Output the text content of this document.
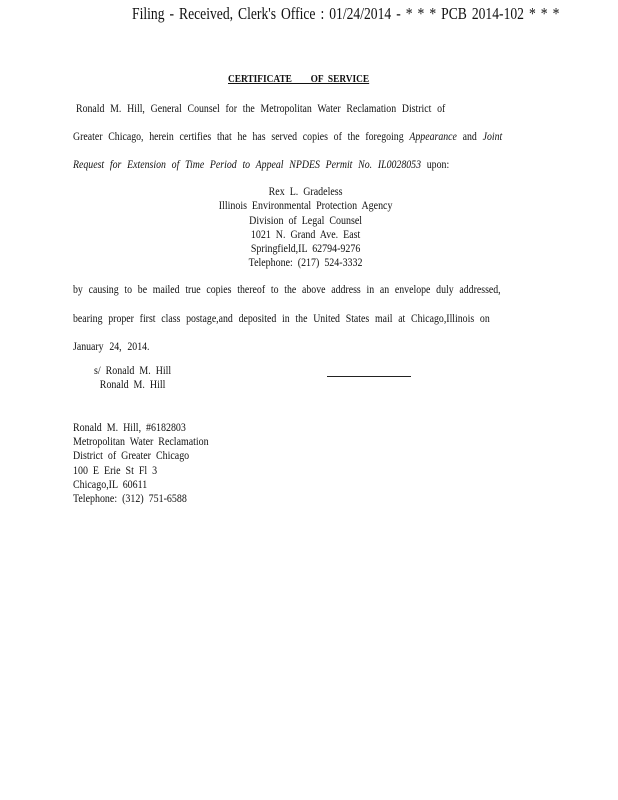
Filing - Received, Clerk's Office : 01/24/2014 - * * * PCB 2014-102 * * *
CERTIFICATE        OF  SERVICE
Ronald M. Hill, General Counsel for the Metropolitan Water Reclamation District of
Greater Chicago, herein certifies that he has served copies of the foregoing Appearance and Joint
Request for Extension of Time Period to Appeal NPDES Permit No. IL0028053 upon:
Rex L. Gradeless
Illinois Environmental Protection Agency
Division of Legal Counsel
1021 N. Grand Ave. East
Springfield,IL 62794-9276
Telephone: (217) 524-3332
by causing to be mailed true copies thereof to the above address in an envelope duly addressed,
bearing proper first class postage,and deposited in the United States mail at Chicago,Illinois on
January 24, 2014.
s/ Ronald M. Hill
Ronald M. Hill
Ronald M. Hill, #6182803
Metropolitan Water Reclamation
District of Greater Chicago
100 E Erie St Fl 3
Chicago,IL 60611
Telephone: (312) 751-6588
